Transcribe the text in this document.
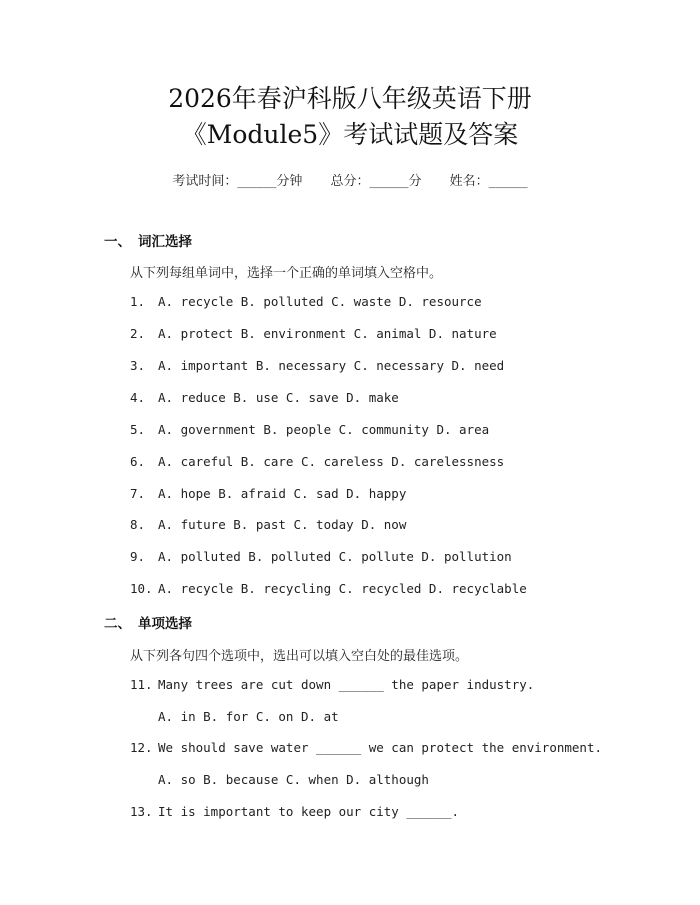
2026年春沪科版八年级英语下册
《Module5》考试试题及答案
考试时间：______分钟 总分：______分 姓名：______
一、 词汇选择
从下列每组单词中，选择一个正确的单词填入空格中。
1. A. recycle B. polluted C. waste D. resource
2. A. protect B. environment C. animal D. nature
3. A. important B. necessary C. necessary D. need
4. A. reduce B. use C. save D. make
5. A. government B. people C. community D. area
6. A. careful B. care C. careless D. carelessness
7. A. hope B. afraid C. sad D. happy
8. A. future B. past C. today D. now
9. A. polluted B. polluted C. pollute D. pollution
10. A. recycle B. recycling C. recycled D. recyclable
二、 单项选择
从下列各句四个选项中，选出可以填入空白处的最佳选项。
11. Many trees are cut down ______ the paper industry.
A. in B. for C. on D. at
12. We should save water ______ we can protect the environment.
A. so B. because C. when D. although
13. It is important to keep our city ______.
